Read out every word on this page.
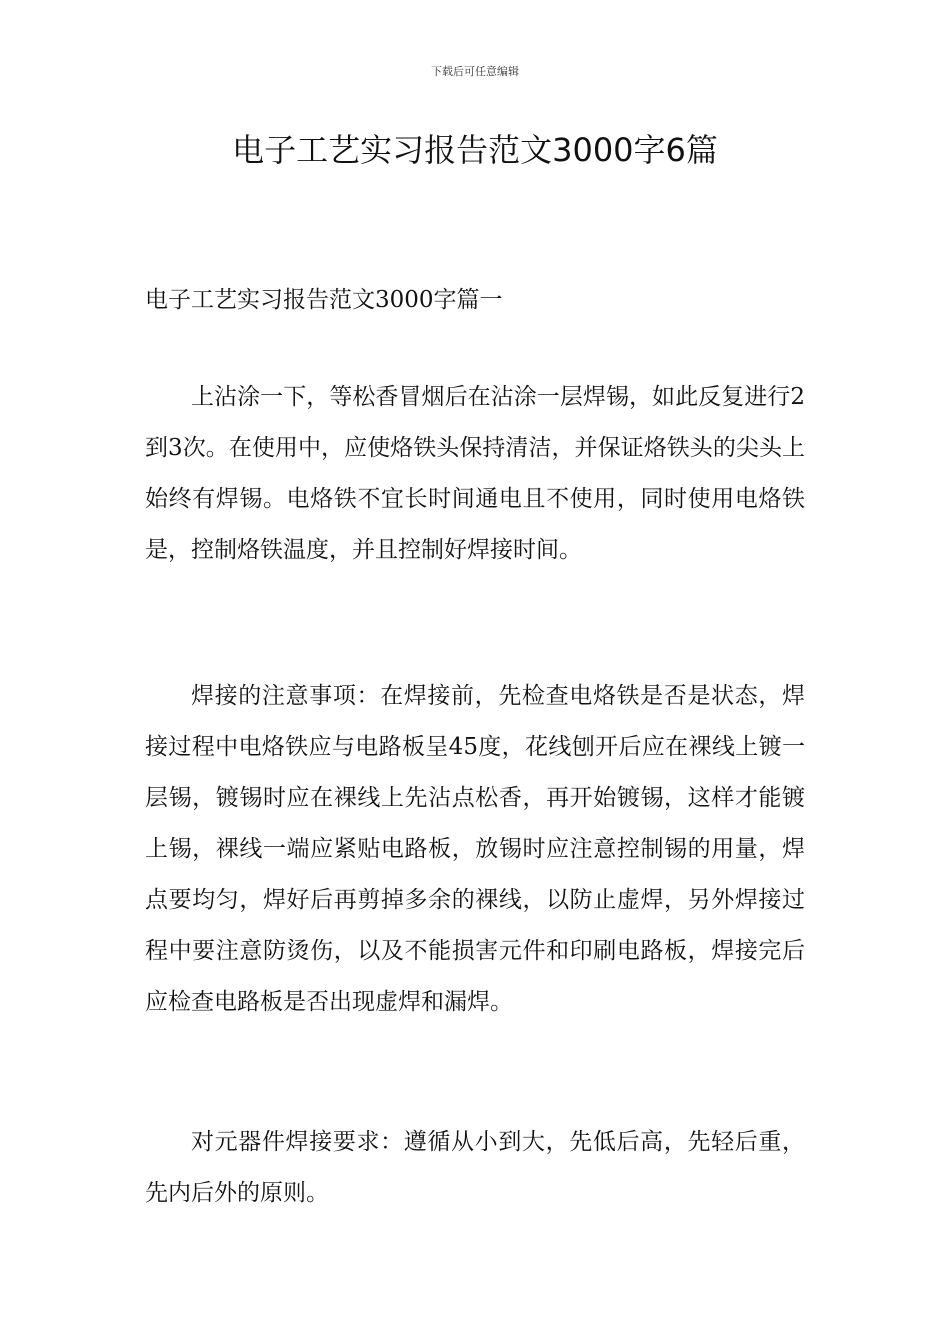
下载后可任意编辑
电子工艺实习报告范文3000字6篇
电子工艺实习报告范文3000字篇一

上沾涂一下，等松香冒烟后在沾涂一层焊锡，如此反复进行2到3次。在使用中，应使烙铁头保持清洁，并保证烙铁头的尖头上始终有焊锡。电烙铁不宜长时间通电且不使用，同时使用电烙铁是，控制烙铁温度，并且控制好焊接时间。

焊接的注意事项：在焊接前，先检查电烙铁是否是状态，焊接过程中电烙铁应与电路板呈45度，花线刨开后应在裸线上镀一层锡，镀锡时应在裸线上先沾点松香，再开始镀锡，这样才能镀上锡，裸线一端应紧贴电路板，放锡时应注意控制锡的用量，焊点要均匀，焊好后再剪掉多余的裸线，以防止虚焊，另外焊接过程中要注意防烫伤，以及不能损害元件和印刷电路板，焊接完后应检查电路板是否出现虚焊和漏焊。

对元器件焊接要求：遵循从小到大，先低后高，先轻后重，先内后外的原则。
